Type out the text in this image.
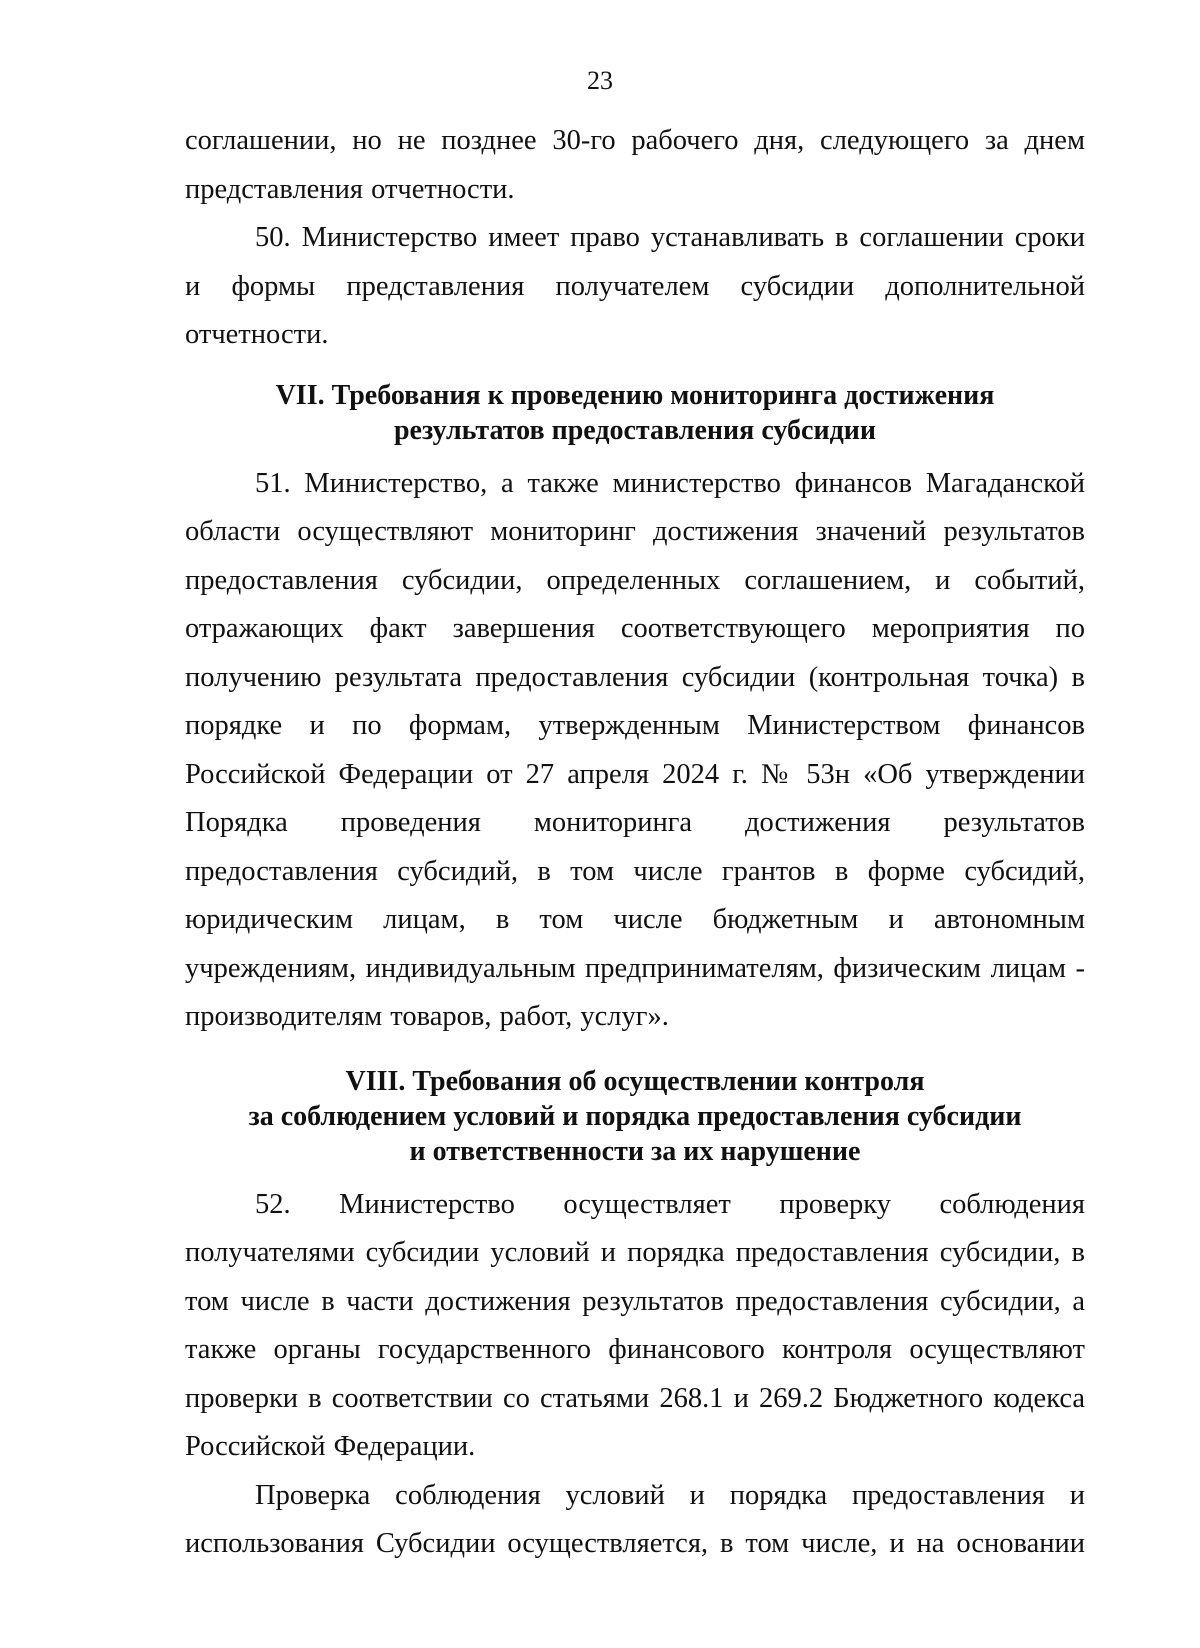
23

соглашении, но не позднее 30-го рабочего дня, следующего за днем представления отчетности.

50. Министерство имеет право устанавливать в соглашении сроки и формы представления получателем субсидии дополнительной отчетности.

VII. Требования к проведению мониторинга достижения
результатов предоставления субсидии

51. Министерство, а также министерство финансов Магаданской области осуществляют мониторинг достижения значений результатов предоставления субсидии, определенных соглашением, и событий, отражающих факт завершения соответствующего мероприятия по получению результата предоставления субсидии (контрольная точка) в порядке и по формам, утвержденным Министерством финансов Российской Федерации от 27 апреля 2024 г. № 53н «Об утверждении Порядка проведения мониторинга достижения результатов предоставления субсидий, в том числе грантов в форме субсидий, юридическим лицам, в том числе бюджетным и автономным учреждениям, индивидуальным предпринимателям, физическим лицам - производителям товаров, работ, услуг».

VIII. Требования об осуществлении контроля
за соблюдением условий и порядка предоставления субсидии
и ответственности за их нарушение

52. Министерство осуществляет проверку соблюдения получателями субсидии условий и порядка предоставления субсидии, в том числе в части достижения результатов предоставления субсидии, а также органы государственного финансового контроля осуществляют проверки в соответствии со статьями 268.1 и 269.2 Бюджетного кодекса Российской Федерации.

Проверка соблюдения условий и порядка предоставления и использования Субсидии осуществляется, в том числе, и на основании
